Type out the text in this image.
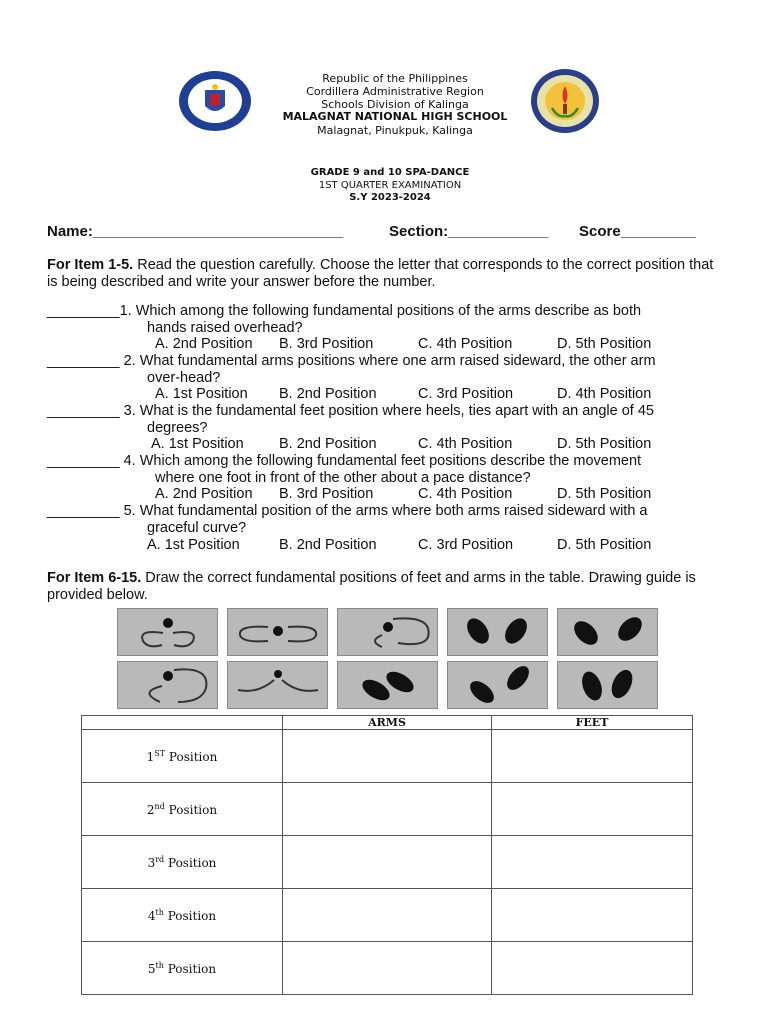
Republic of the Philippines
Cordillera Administrative Region
Schools Division of Kalinga
MALAGNAT NATIONAL HIGH SCHOOL
Malagnat, Pinukpuk, Kalinga
GRADE 9 and 10 SPA-DANCE
1ST QUARTER EXAMINATION
S.Y 2023-2024
Name:______________________________	Section:____________ Score_________
For Item 1-5. Read the question carefully. Choose the letter that corresponds to the correct position that is being described and write your answer before the number.
_________1. Which among the following fundamental positions of the arms describe as both
hands raised overhead?
A. 2nd Position B. 3rd Position	C. 4th Position	D. 5th Position
_________ 2. What fundamental arms positions where one arm raised sideward, the other arm
over-head?
A. 1st Position B. 2nd Position	C. 3rd Position	D. 4th Position
_________ 3. What is the fundamental feet position where heels, ties apart with an angle of 45
degrees?
A. 1st Position B. 2nd Position	C. 4th Position	D. 5th Position
_________ 4. Which among the following fundamental feet positions describe the movement
where one foot in front of the other about a pace distance?
A. 2nd Position B. 3rd Position	C. 4th Position	D. 5th Position
_________ 5. What fundamental position of the arms where both arms raised sideward with a
graceful curve?
A. 1st Position	B. 2nd Position	C. 3rd Position	D. 5th Position
For Item 6-15. Draw the correct fundamental positions of feet and arms in the table. Drawing guide is provided below.
	ARMS	FEET
1ST Position		
2nd Position		
3rd Position		
4th Position		
5th Position		
